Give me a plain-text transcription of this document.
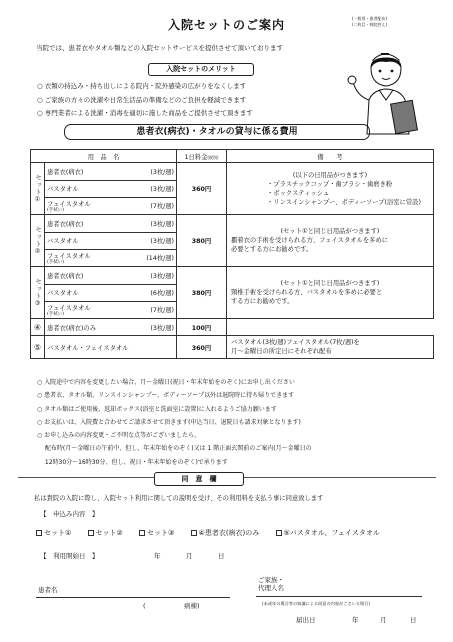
入院セットのご案内	(一般用・患者配布)
(二枚目・病院控え)
当院では、患者衣やタオル類などの入院セットサービスを提供させて頂いております
入院セットのメリット
○ 衣類の持込み・持ち出しによる院内・院外感染の広がりをなくします
○ ご家族の方々の洗濯や日常生活品の準備などのご負担を軽減できます
○ 専門業者による洗濯・消毒を適切に施した商品をご提供させて頂きます
患者衣(病衣)・タオルの貸与に係る費用
用　品　名	1日料金(税別)	備　　考
セット①	
患者衣(病衣)	(3枚/週)
バスタオル	(3枚/週)
フェイスタオル
(手拭い)	(7枚/週)
	360円	
(以下の日用品がつきます)
・プラスチックコップ・歯ブラシ・歯磨き粉
・ボックスティッシュ
・リンスインシャンプー、ボディーソープ(浴室に常設)

セット②	
患者衣(病衣)	(3枚/週)
バスタオル	(3枚/週)
フェイスタオル
(手拭い)	(14枚/週)
	380円	
(セット①と同じ日用品がつきます)
覇着衣の手術を受けられる方、フェイスタオルを多めに
必要とする方にお勧めです。

セット③	
患者衣(病衣)	(3枚/週)
バスタオル	(6枚/週)
フェイスタオル
(手拭い)	(7枚/週)
	380円	
(セット①と同じ日用品がつきます)
頸椎手術を受けられる方、バスタオルを多めに必要と
する方にお勧めです。

④	患者衣(病衣)のみ	(3枚/週)	100円	
⑤	バスタオル・フェイスタオル	360円	
バスタオル(3枚/週)フェイスタオル(7枚/週)を
月〜金曜日の所定日にそれぞれ配布
○ 入院途中で内容を変更したい場合、月〜金曜日(祝日・年末年始をのぞく)にお申し出ください
○ 患者衣、タオル類、リンスインシャンプー、ボディーソープ以外は退院時に持ち帰りできます
○ タオル類はご使用後、返却ボックス(浴室と洗面室に設置)に入れるようご協力願います
○ お支払いは、入院費と合わせてご請求させて頂きます(申込当日、退院日も請求対象となります)
○ お申し込みの内容変更・ご不明な点等がございましたら、
　 配布時(月〜金曜日の午前中、但し、年末年始をのぞく)又は 1 階正面玄関前のご案内(月〜金曜日の
　 12時30分〜16時30分、但し、祝日・年末年始をのぞく)で承ります
同　意　欄
私は貴院の入院に際し、入院セット利用に関しての説明を受け、その利用料を支払う事に同意致します
【　申込み内容　】
セット①	セット②	セット③	④患者衣(病衣)のみ	⑤バスタオル、フェイスタオル
【　利用開始日　】	年	月	日
患者名
(	病棟)
ご家族・
代理人名
(未成年の場合等の知識による同意の内容がごさいる場合)
届出日	年	月	日
